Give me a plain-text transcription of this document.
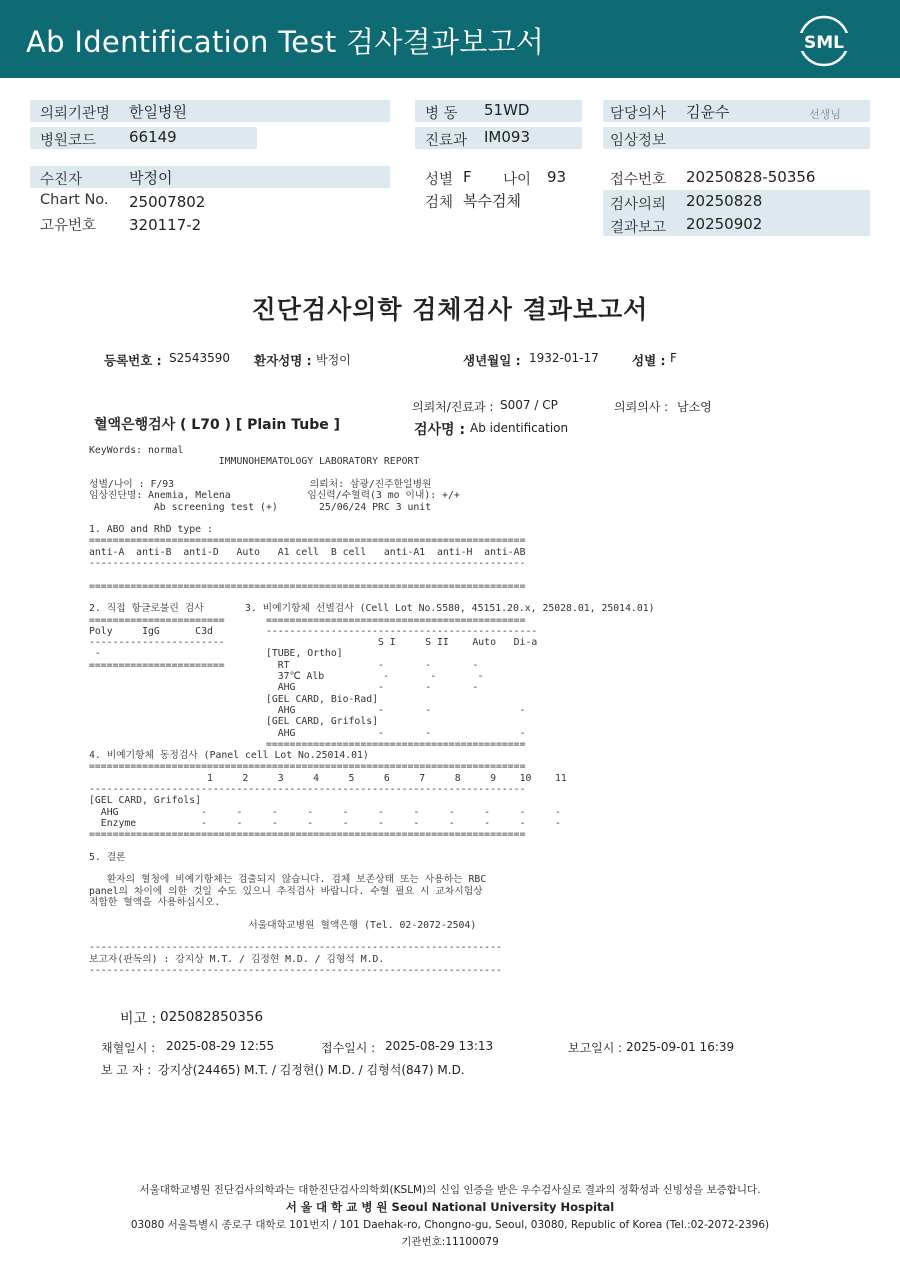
Ab Identification Test 검사결과보고서	SML
의뢰기관명 한일병원
병원코드 66149
병 동 51WD
진료과 IM093
담당의사 김윤수	선생님
임상정보
수진자	박정이
Chart No. 25007802
고유번호 320117-2
성별 F 나이 93
검체 복수검체
접수번호 20250828-50356
검사의뢰 20250828
결과보고 20250902
진단검사의학 검체검사 결과보고서
등록번호 : S2543590 환자성명 : 박정이	생년월일 : 1932-01-17	성별 : F
의뢰처/진료과 : S007 / CP	의뢰의사 : 남소영
혈액은행검사 ( L70 ) [ Plain Tube ]	검사명 : Ab identification
KeyWords: normal
IMMUNOHEMATOLOGY LABORATORY REPORT
성별/나이 : F/93                       의뢰처: 삼광/진주한일병원
임상진단명: Anemia, Melena             임신력/수혈력(3 mo 이내): +/+
Ab screening test (+)       25/06/24 PRC 3 unit
1. ABO and RhD type :
==========================================================================
anti-A  anti-B  anti-D   Auto   A1 cell  B cell   anti-A1  anti-H  anti-AB
--------------------------------------------------------------------------
==========================================================================
2. 직접 항글로불린 검사       3. 비예기항체 선별검사 (Cell Lot No.S580, 45151.20.x, 25028.01, 25014.01)
=======================       ============================================
Poly     IgG      C3d         ----------------------------------------------
-----------------------                          S I     S II    Auto   Di-a
-                            [TUBE, Ortho]
=======================         RT               -       -       -
37℃ Alb          -       -       -
AHG              -       -       -
[GEL CARD, Bio-Rad]
AHG              -       -               -
[GEL CARD, Grifols]
AHG              -       -               -
============================================
4. 비예기항체 동정검사 (Panel cell Lot No.25014.01)
==========================================================================
1     2     3     4     5     6     7     8     9    10    11
--------------------------------------------------------------------------
[GEL CARD, Grifols]
AHG              -     -     -     -     -     -     -     -     -     -     -
Enzyme           -     -     -     -     -     -     -     -     -     -     -
==========================================================================
5. 결론
환자의 혈청에 비예기항체는 검출되지 않습니다. 검체 보존상태 또는 사용하는 RBC
panel의 차이에 의한 것일 수도 있으니 추적검사 바랍니다. 수혈 필요 시 교차시험상
적합한 혈액을 사용하십시오.
서울대학교병원 혈액은행 (Tel. 02-2072-2504)
----------------------------------------------------------------------
보고자(판독의) : 강지상 M.T. / 김정현 M.D. / 김형석 M.D.
----------------------------------------------------------------------
비고 : 025082850356
채혈일시 : 2025-08-29 12:55	접수일시 : 2025-08-29 13:13	보고일시 : 2025-09-01 16:39
보 고 자 : 강지상(24465) M.T. / 김정현() M.D. / 김형석(847) M.D.
서울대학교병원 진단검사의학과는 대한진단검사의학회(KSLM)의 신임 인증을 받은 우수검사실로 결과의 정확성과 신빙성을 보증합니다.
서 울 대 학 교 병 원 Seoul National University Hospital
03080 서울특별시 종로구 대학로 101번지 / 101 Daehak-ro, Chongno-gu, Seoul, 03080, Republic of Korea (Tel.:02-2072-2396)
기관번호:11100079
